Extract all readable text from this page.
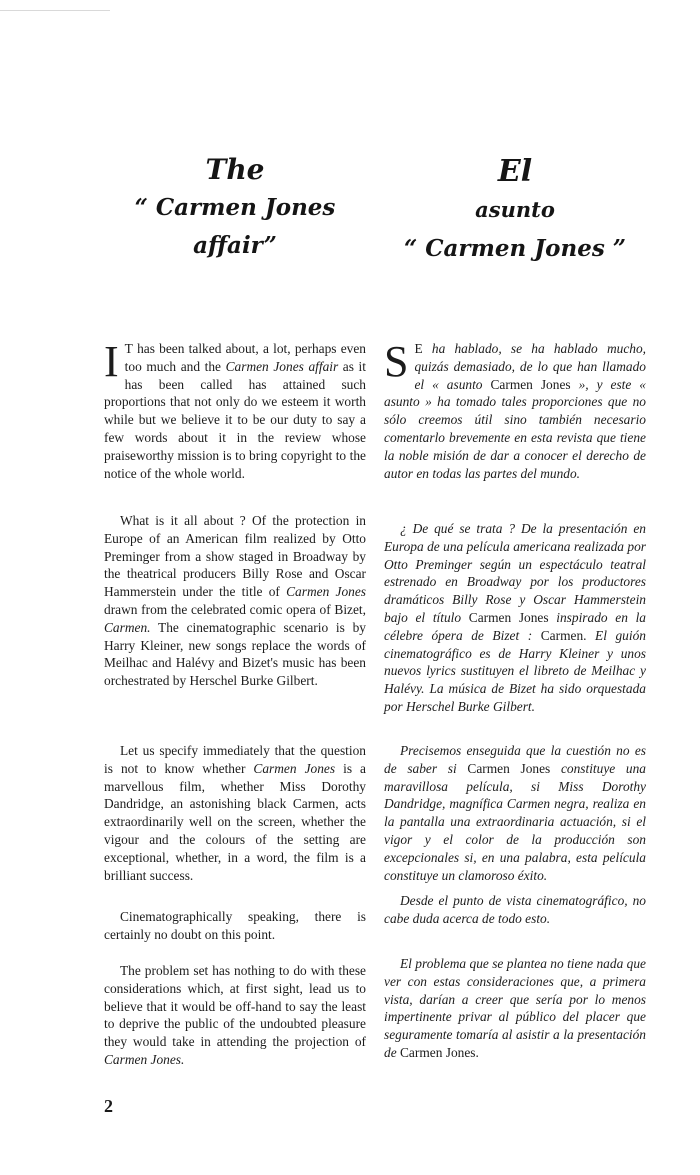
The
“ Carmen Jones
affair”

I T has been talked about, a lot, perhaps even too much and the Carmen Jones affair as it has been called has attained such proportions that not only do we esteem it worth while but we believe it to be our duty to say a few words about it in the review whose praiseworthy mission is to bring copyright to the notice of the whole world.

What is it all about ? Of the protection in Europe of an American film realized by Otto Preminger from a show staged in Broadway by the theatrical producers Billy Rose and Oscar Hammerstein under the title of Carmen Jones drawn from the celebrated comic opera of Bizet, Carmen. The cinematographic scenario is by Harry Kleiner, new songs replace the words of Meilhac and Halévy and Bizet's music has been orchestrated by Herschel Burke Gilbert.

Let us specify immediately that the question is not to know whether Carmen Jones is a marvellous film, whether Miss Dorothy Dandridge, an astonishing black Carmen, acts extraordinarily well on the screen, whether the vigour and the colours of the setting are exceptional, whether, in a word, the film is a brilliant success.

Cinematographically speaking, there is certainly no doubt on this point.

The problem set has nothing to do with these considerations which, at first sight, lead us to believe that it would be off-hand to say the least to deprive the public of the undoubted pleasure they would take in attending the projection of Carmen Jones.

El
asunto
“ Carmen Jones ”

S E ha hablado, se ha hablado mucho, quizás demasiado, de lo que han llamado el « asunto Carmen Jones », y este « asunto » ha tomado tales proporciones que no sólo creemos útil sino también necesario comentarlo brevemente en esta revista que tiene la noble misión de dar a conocer el derecho de autor en todas las partes del mundo.

¿ De qué se trata ? De la presentación en Europa de una película americana realizada por Otto Preminger según un espectáculo teatral estrenado en Broadway por los productores dramáticos Billy Rose y Oscar Hammerstein bajo el título Carmen Jones inspirado en la célebre ópera de Bizet : Carmen. El guión cinematográfico es de Harry Kleiner y unos nuevos lyrics sustituyen el libreto de Meilhac y Halévy. La música de Bizet ha sido orquestada por Herschel Burke Gilbert.

Precisemos enseguida que la cuestión no es de saber si Carmen Jones constituye una maravillosa película, si Miss Dorothy Dandridge, magnífica Carmen negra, realiza en la pantalla una extraordinaria actuación, si el vigor y el color de la producción son excepcionales si, en una palabra, esta película constituye un clamoroso éxito.

Desde el punto de vista cinematográfico, no cabe duda acerca de todo esto.

El problema que se plantea no tiene nada que ver con estas consideraciones que, a primera vista, darían a creer que sería por lo menos impertinente privar al público del placer que seguramente tomaría al asistir a la presentación de Carmen Jones.

2
